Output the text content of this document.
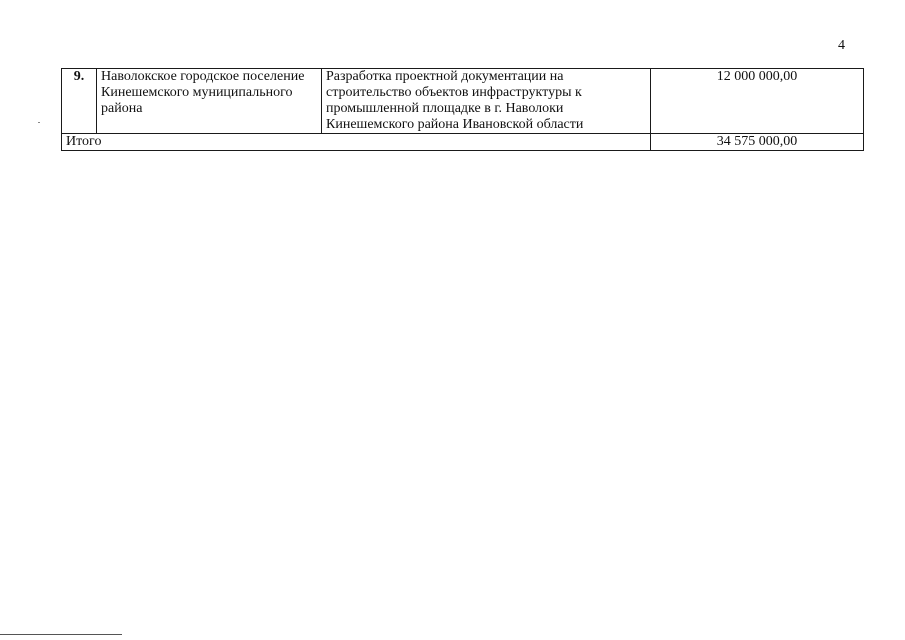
4
9.	Наволокское городское поселение
Кинешемского муниципального
района	Разработка проектной документации на
строительство объектов инфраструктуры к
промышленной площадке в г. Наволоки
Кинешемского района Ивановской области	12 000 000,00
Итого			34 575 000,00
